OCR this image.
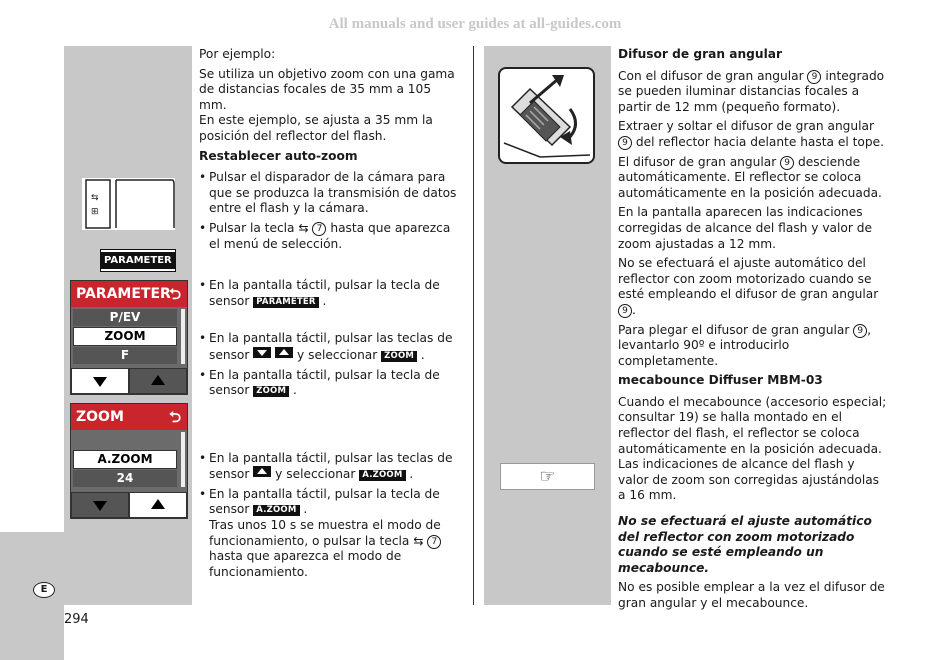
All manuals and user guides at all-guides.com
E
294
⇆
⊞
PARAMETER
PARAMETER
⮌
P/EV
ZOOM
F
ZOOM	⮌
A.ZOOM
24

Por ejemplo:

Se utiliza un objetivo zoom con una gama de distancias focales de 35 mm a 105 mm.

En este ejemplo, se ajusta a 35 mm la posición del reflector del flash.

Restablecer auto-zoom

• Pulsar el disparador de la cámara para que se produzca la transmisión de datos entre el flash y la cámara.

• Pulsar la tecla ⇆ 7 hasta que aparezca el menú de selección.

• En la pantalla táctil, pulsar la tecla de sensor PARAMETER .

• En la pantalla táctil, pulsar las teclas de sensor	y seleccionar ZOOM .

• En la pantalla táctil, pulsar la tecla de sensor ZOOM .

• En la pantalla táctil, pulsar las teclas de sensor  y seleccionar A.ZOOM .

• En la pantalla táctil, pulsar la tecla de sensor A.ZOOM .
Tras unos 10 s se muestra el modo de funcionamiento, o pulsar la tecla ⇆ 7 hasta que aparezca el modo de funcionamiento.

☞

Difusor de gran angular

Con el difusor de gran angular 9 integrado se pueden iluminar distancias focales a partir de 12 mm (pequeño formato).

Extraer y soltar el difusor de gran angular 9 del reflector hacia delante hasta el tope.

El difusor de gran angular 9 desciende automáticamente. El reflector se coloca automáticamente en la posición adecuada.

En la pantalla aparecen las indicaciones corregidas de alcance del flash y valor de zoom ajustadas a 12 mm.

No se efectuará el ajuste automático del reflector con zoom motorizado cuando se esté empleando el difusor de gran angular 9 .

Para plegar el difusor de gran angular 9 , levantarlo 90º e introducirlo completamente.

mecabounce Diffuser MBM-03

Cuando el mecabounce (accesorio especial; consultar 19) se halla montado en el reflector del flash, el reflector se coloca automáticamente en la posición adecuada. Las indicaciones de alcance del flash y valor de zoom son corregidas ajustándolas a 16 mm.

No se efectuará el ajuste automático del reflector con zoom motorizado cuando se esté empleando un mecabounce.

No es posible emplear a la vez el difusor de gran angular y el mecabounce.
